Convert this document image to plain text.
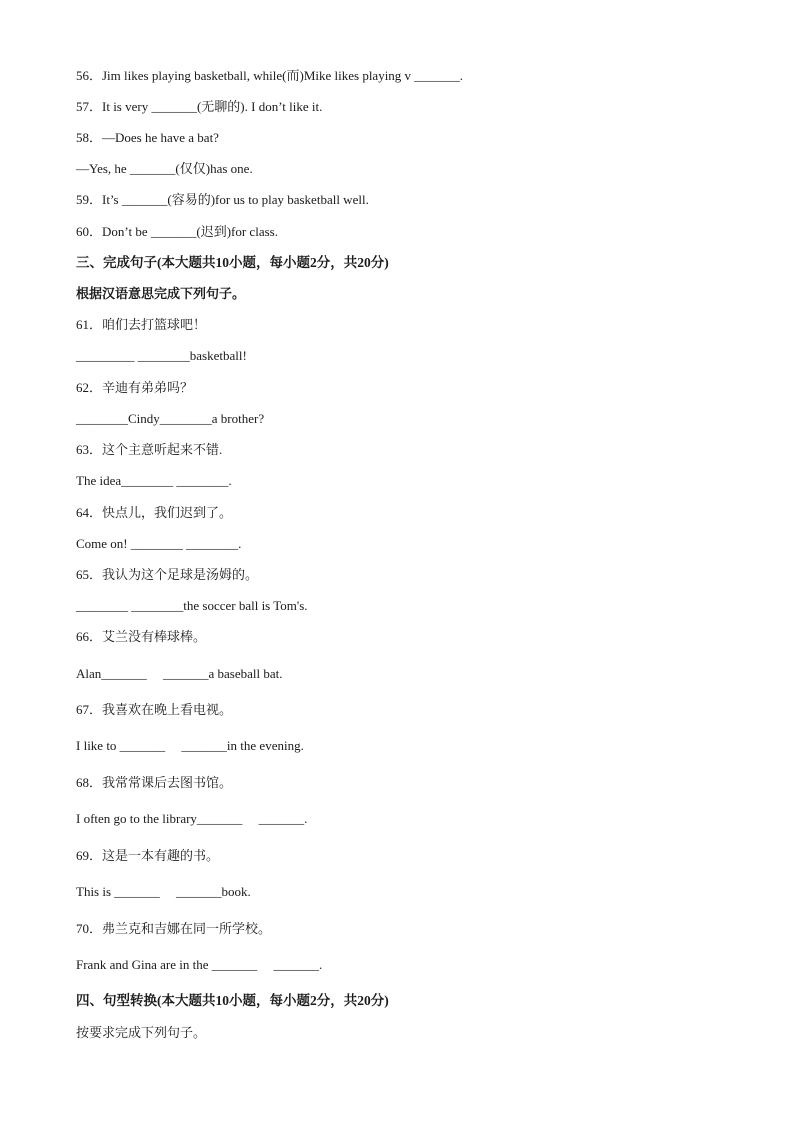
56．Jim likes playing basketball, while(而)Mike likes playing v _______.
57．It is very _______(无聊的). I don’t like it.
58．—Does he have a bat?
—Yes, he _______(仅仅)has one.
59．It’s _______(容易的)for us to play basketball well.
60．Don’t be _______(迟到)for class.
三、完成句子(本大题共10小题，每小题2分，共20分)
根据汉语意思完成下列句子。
61．咱们去打篮球吧！
_________ ________basketball!
62．辛迪有弟弟吗？
________Cindy________a brother?
63．这个主意听起来不错.
The idea________ ________.
64．快点儿，我们迟到了。
Come on! ________ ________.
65．我认为这个足球是汤姆的。
________ ________the soccer ball is Tom's.
66．艾兰没有棒球棒。
Alan_______     _______a baseball bat.
67．我喜欢在晚上看电视。
I like to _______     _______in the evening.
68．我常常课后去图书馆。
I often go to the library_______     _______.
69．这是一本有趣的书。
This is _______     _______book.
70．弗兰克和吉娜在同一所学校。
Frank and Gina are in the _______     _______.
四、句型转换(本大题共10小题，每小题2分，共20分)
按要求完成下列句子。
